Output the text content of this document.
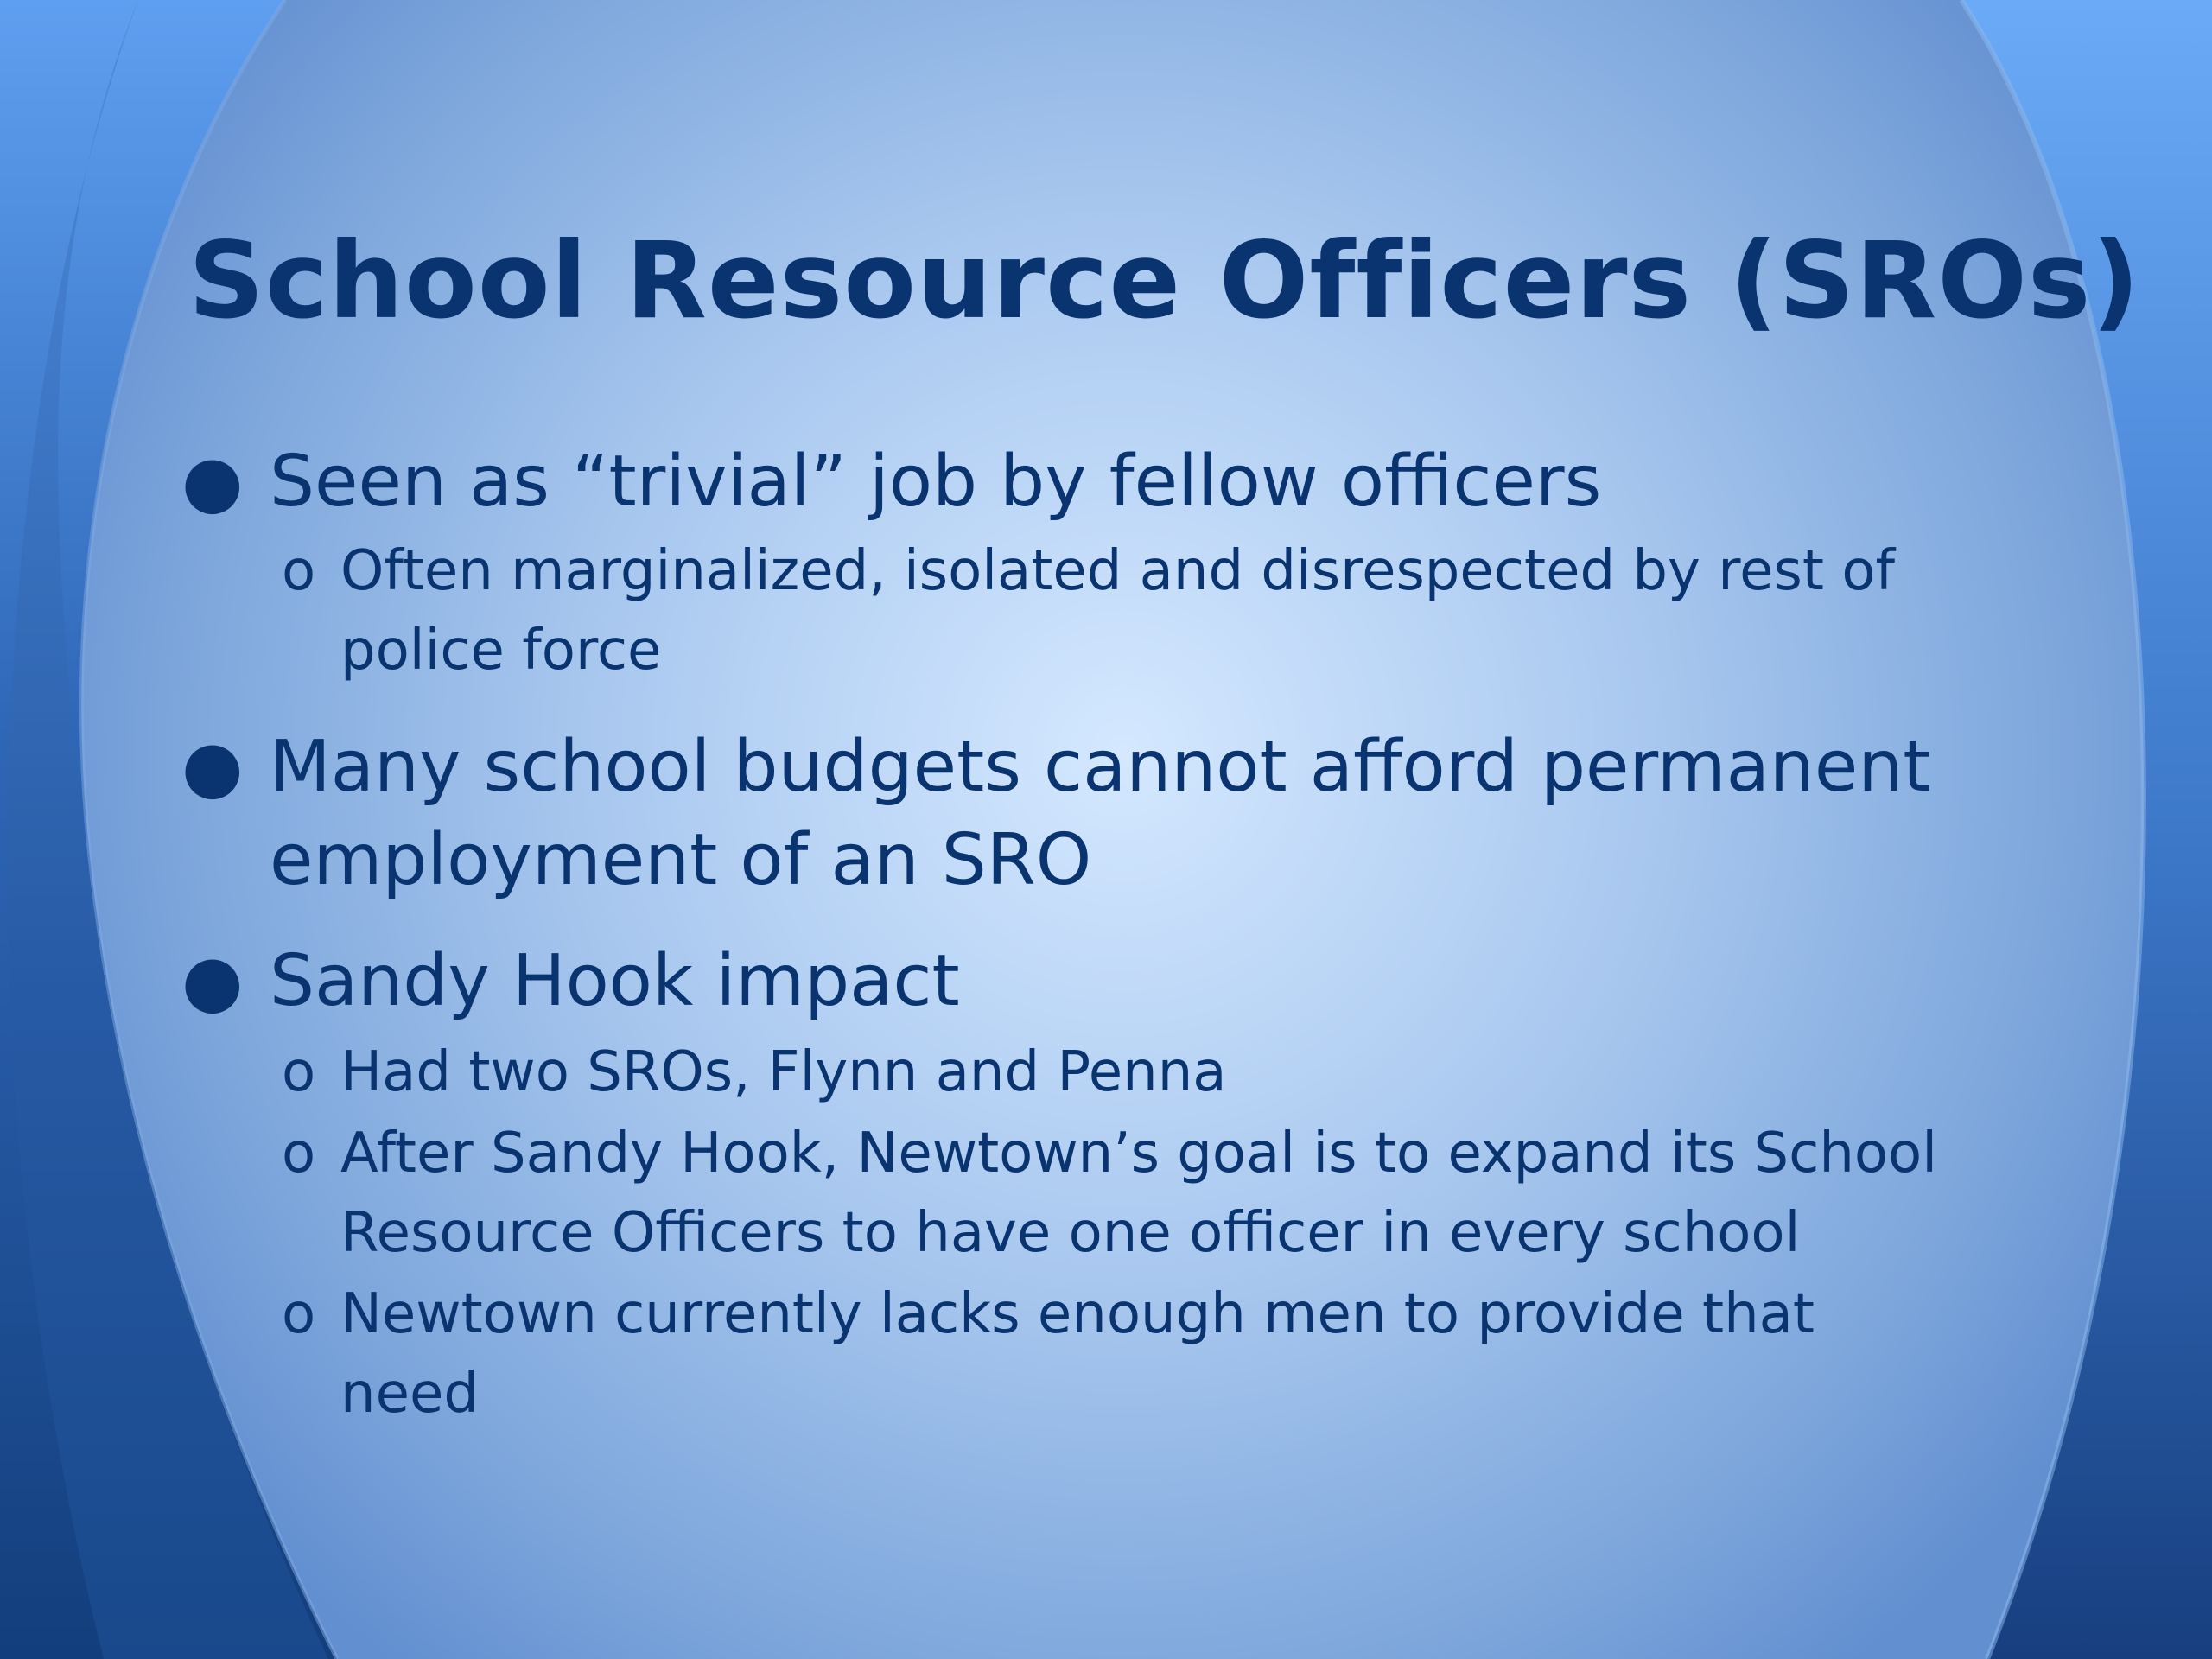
School Resource Officers (SROs)
● Seen as “trivial” job by fellow officers
o Often marginalized, isolated and disrespected by rest of
police force
● Many school budgets cannot afford permanent
employment of an SRO
● Sandy Hook impact
o Had two SROs, Flynn and Penna
o After Sandy Hook, Newtown’s goal is to expand its School
Resource Officers to have one officer in every school
o Newtown currently lacks enough men to provide that
need
